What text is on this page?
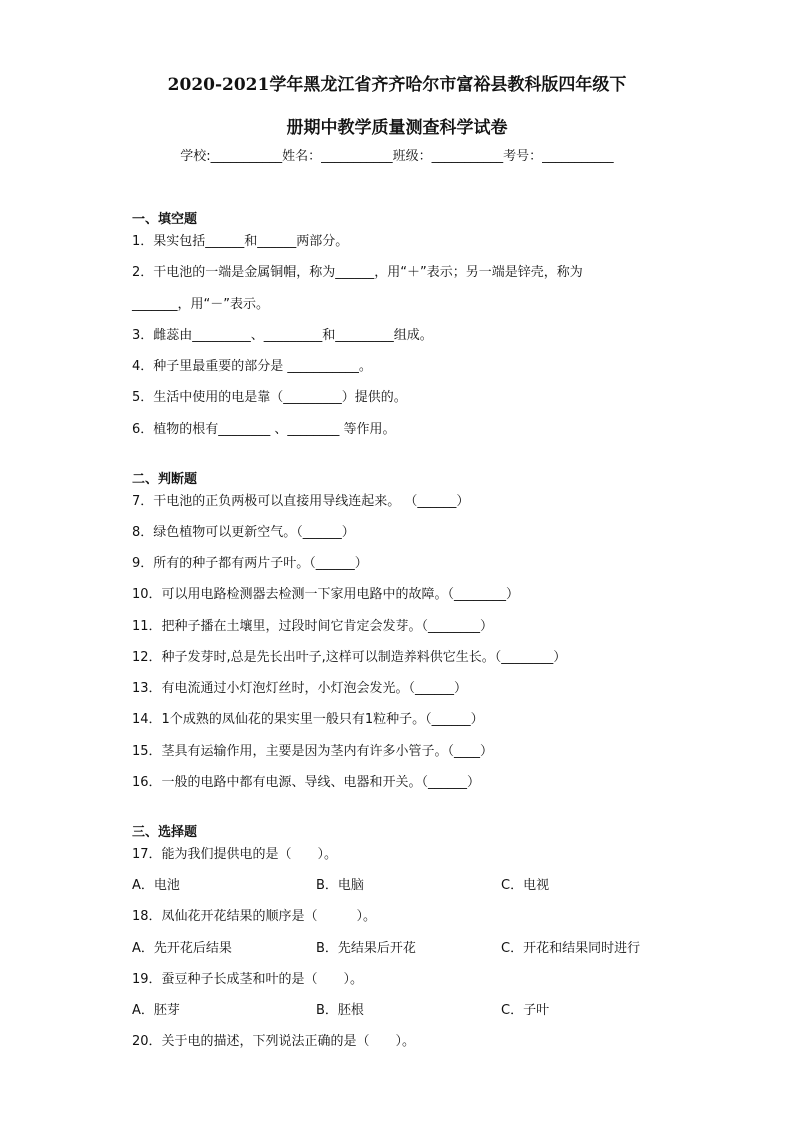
2020-2021学年黑龙江省齐齐哈尔市富裕县教科版四年级下
册期中教学质量测查科学试卷
学校:___________姓名：___________班级：___________考号：___________
一、填空题
1．果实包括______和______两部分。
2．干电池的一端是金属铜帽，称为______，用“＋”表示；另一端是锌壳，称为
_______，用“－”表示。
3．雌蕊由_________、_________和_________组成。
4．种子里最重要的部分是 ___________。
5．生活中使用的电是靠（_________）提供的。
6．植物的根有________ 、________ 等作用。
二、判断题
7．干电池的正负两极可以直接用导线连起来。 （______）
8．绿色植物可以更新空气。（______）
9．所有的种子都有两片子叶。（______）
10．可以用电路检测器去检测一下家用电路中的故障。（________）
11．把种子播在土壤里，过段时间它肯定会发芽。（________）
12．种子发芽时,总是先长出叶子,这样可以制造养料供它生长。（________）
13．有电流通过小灯泡灯丝时，小灯泡会发光。（______）
14．1个成熟的凤仙花的果实里一般只有1粒种子。（______）
15．茎具有运输作用，主要是因为茎内有许多小管子。（____）
16．一般的电路中都有电源、导线、电器和开关。（______）
三、选择题
17．能为我们提供电的是（　　）。
A．电池	B．电脑	C．电视
18．凤仙花开花结果的顺序是（　　　）。
A．先开花后结果	B．先结果后开花	C．开花和结果同时进行
19．蚕豆种子长成茎和叶的是（　　）。
A．胚芽	B．胚根	C．子叶
20．关于电的描述，下列说法正确的是（　　）。
